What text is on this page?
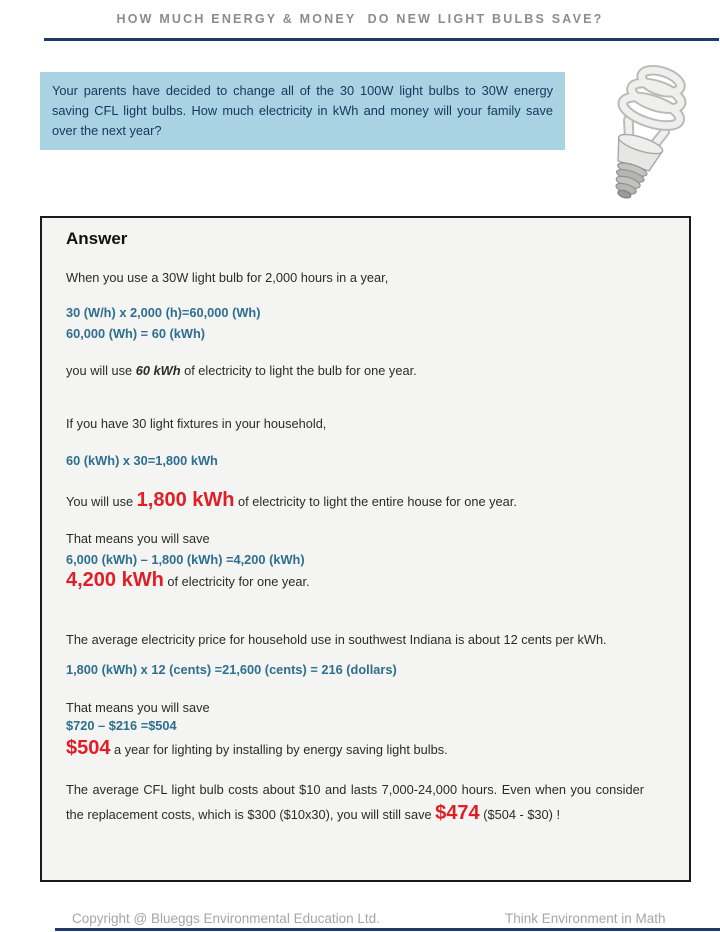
HOW MUCH ENERGY & MONEY  DO NEW LIGHT BULBS SAVE?
Your parents have decided to change all of the 30 100W light bulbs to 30W energy saving CFL light bulbs. How much electricity in kWh and money will your family save over the next year?
Answer

When you use a 30W light bulb for 2,000 hours in a year,

30 (W/h) x 2,000 (h)=60,000 (Wh)

60,000 (Wh) = 60 (kWh)

you will use 60 kWh of electricity to light the bulb for one year.

If you have 30 light fixtures in your household,

60 (kWh) x 30=1,800 kWh

You will use 1,800 kWh of electricity to light the entire house for one year.

That means you will save

6,000 (kWh) – 1,800 (kWh) =4,200 (kWh)

4,200 kWh of electricity for one year.

The average electricity price for household use in southwest Indiana is about 12 cents per kWh.

1,800 (kWh) x 12 (cents) =21,600 (cents) = 216 (dollars)

That means you will save

$720 – $216 =$504

$504 a year for lighting by installing by energy saving light bulbs.

The average CFL light bulb costs about $10 and lasts 7,000-24,000 hours. Even when you consider the replacement costs, which is $300 ($10x30), you will still save $474 ($504 - $30) !

Copyright @ Blueggs Environmental Education Ltd.	Think Environment in Math
